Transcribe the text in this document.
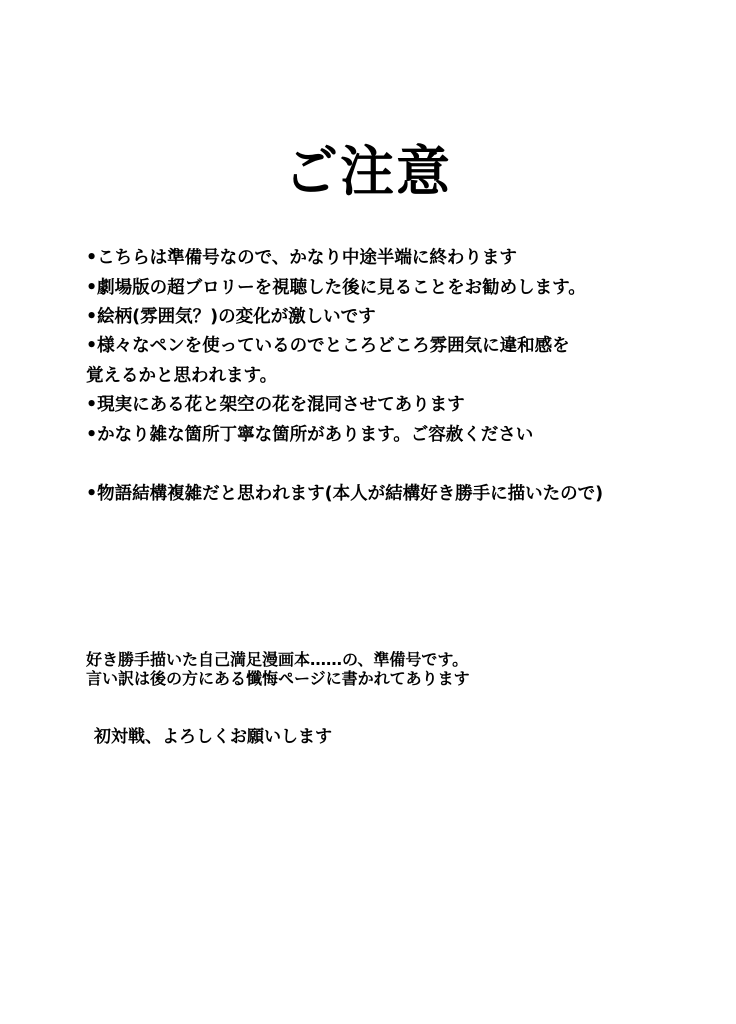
ご注意
•こちらは準備号なので、かなり中途半端に終わります
•劇場版の超ブロリーを視聴した後に見ることをお勧めします。
•絵柄(雰囲気？)の変化が激しいです
•様々なペンを使っているのでところどころ雰囲気に違和感を
覚えるかと思われます。
•現実にある花と架空の花を混同させてあります
•かなり雑な箇所丁寧な箇所があります。ご容赦ください
•物語結構複雑だと思われます(本人が結構好き勝手に描いたので)
好き勝手描いた自己満足漫画本……の、準備号です。
言い訳は後の方にある懺悔ページに書かれてあります
初対戦、よろしくお願いします
